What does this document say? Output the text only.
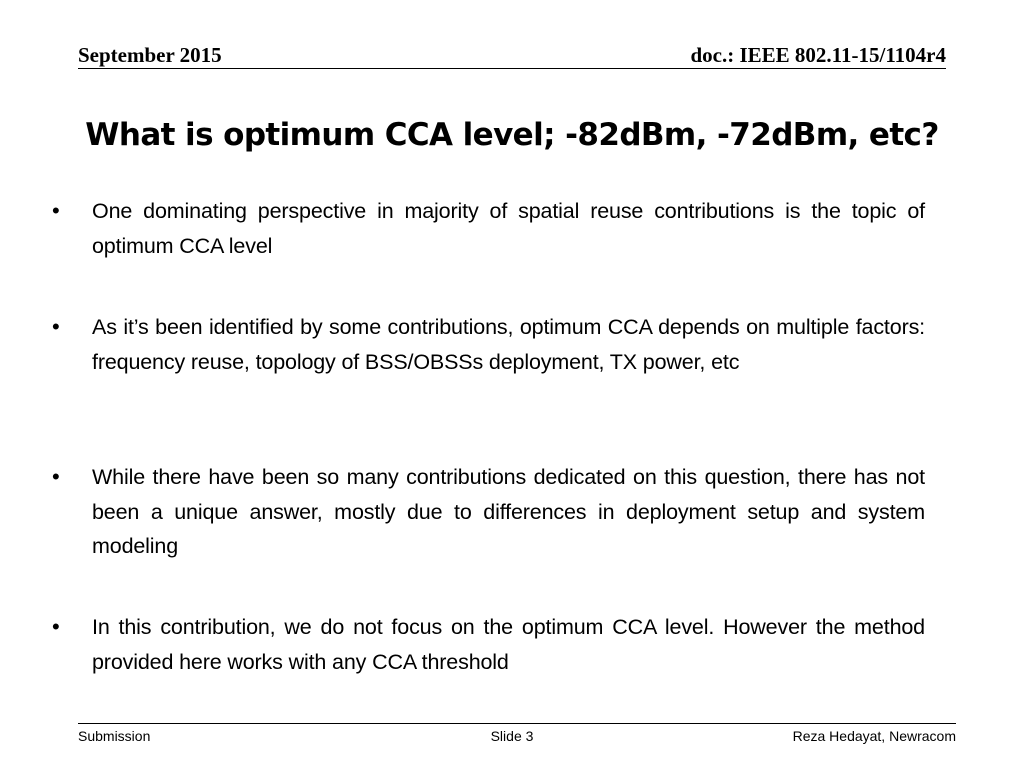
September 2015	doc.: IEEE 802.11-15/1104r4
What is optimum CCA level; -82dBm, -72dBm, etc?
• One dominating perspective in majority of spatial reuse contributions is the topic of optimum CCA level
• As it’s been identified by some contributions, optimum CCA depends on multiple factors: frequency reuse, topology of BSS/OBSSs deployment, TX power, etc
• While there have been so many contributions dedicated on this question, there has not been a unique answer, mostly due to differences in deployment setup and system modeling
• In this contribution, we do not focus on the optimum CCA level. However the method provided here works with any CCA threshold
Submission	Slide 3	Reza Hedayat, Newracom
